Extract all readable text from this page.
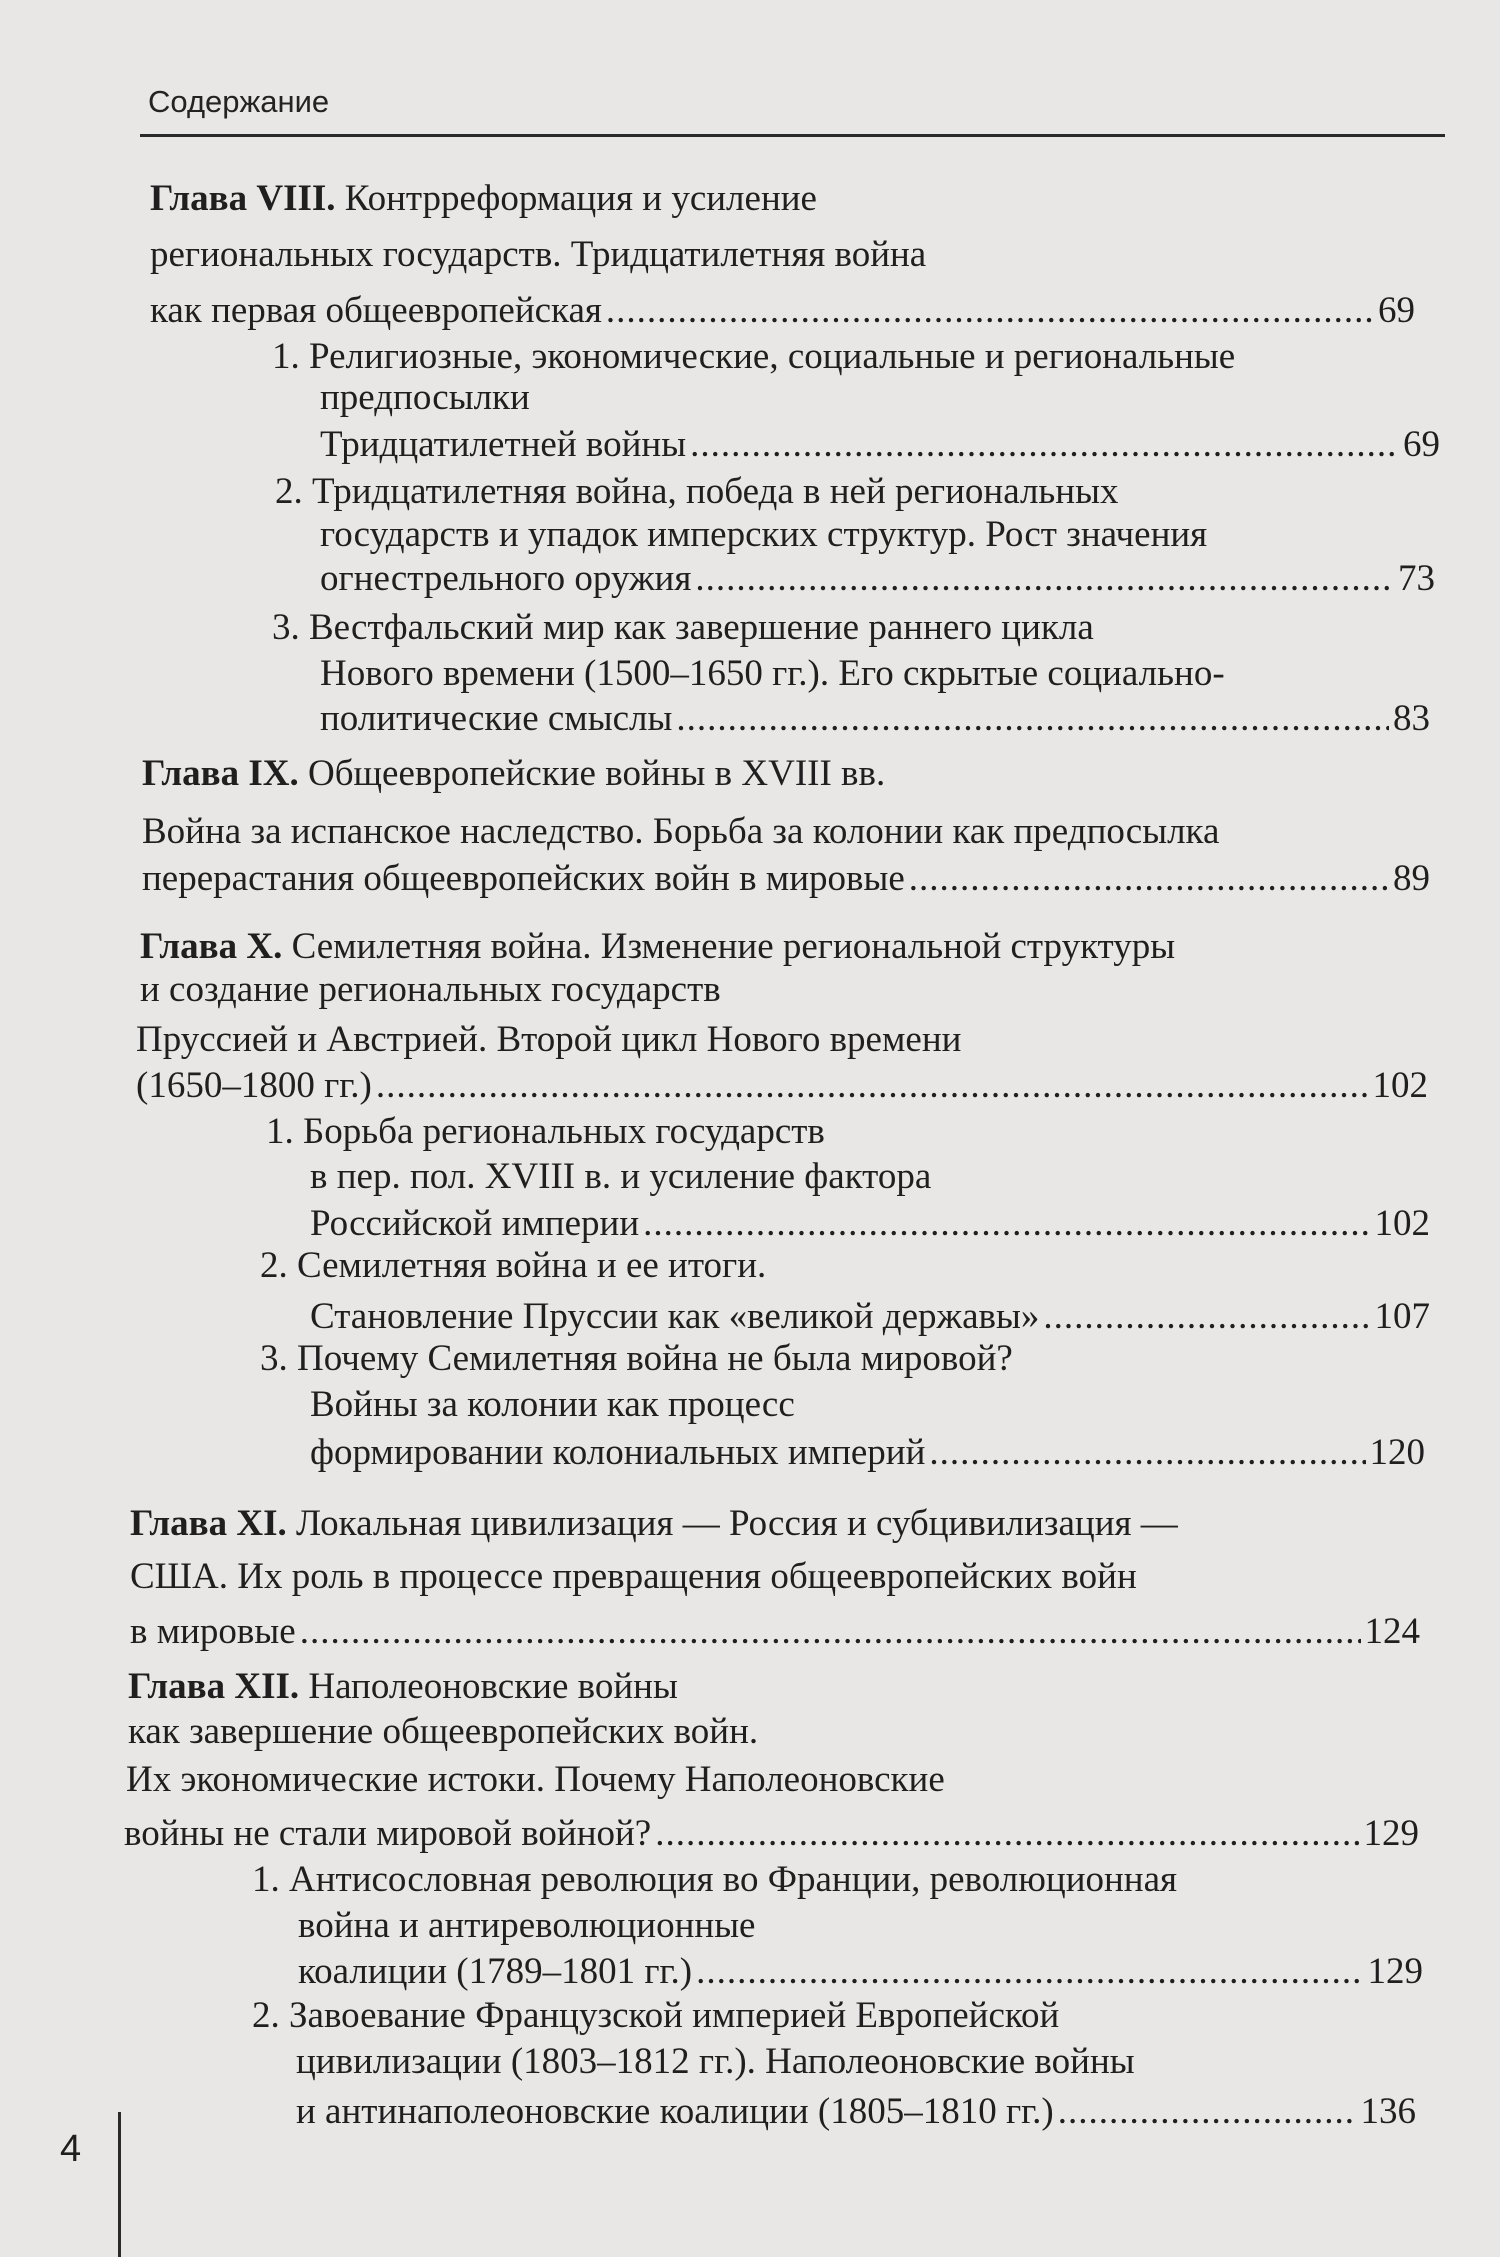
Содержание
Глава VIII. Контрреформация и усиление
региональных государств. Тридцатилетняя война
как первая общеевропейская .....	69
1. Религиозные, экономические, социальные и региональные
предпосылки
Тридцатилетней войны .....	69
2. Тридцатилетняя война, победа в ней региональных
государств и упадок имперских структур. Рост значения
огнестрельного оружия .....	73
3. Вестфальский мир как завершение раннего цикла
Нового времени (1500–1650 гг.). Его скрытые социально-
политические смыслы .....	83
Глава IX. Общеевропейские войны в XVIII вв.
Война за испанское наследство. Борьба за колонии как предпосылка
перерастания общеевропейских войн в мировые .....	89
Глава X. Семилетняя война. Изменение региональной структуры
и создание региональных государств
Пруссией и Австрией. Второй цикл Нового времени
(1650–1800 гг.) .....	102
1. Борьба региональных государств
в пер. пол. XVIII в. и усиление фактора
Российской империи .....	102
2. Семилетняя война и ее итоги.
Становление Пруссии как «великой державы» .....	107
3. Почему Семилетняя война не была мировой?
Войны за колонии как процесс
формировании колониальных империй .....	120
Глава XI. Локальная цивилизация — Россия и субцивилизация —
США. Их роль в процессе превращения общеевропейских войн
в мировые .....	124
Глава XII. Наполеоновские войны
как завершение общеевропейских войн.
Их экономические истоки. Почему Наполеоновские
войны не стали мировой войной? .....	129
1. Антисословная революция во Франции, революционная
война и антиреволюционные
коалиции (1789–1801 гг.) .....	129
2. Завоевание Французской империей Европейской
цивилизации (1803–1812 гг.). Наполеоновские войны
и антинаполеоновские коалиции (1805–1810 гг.) .....	136
4
